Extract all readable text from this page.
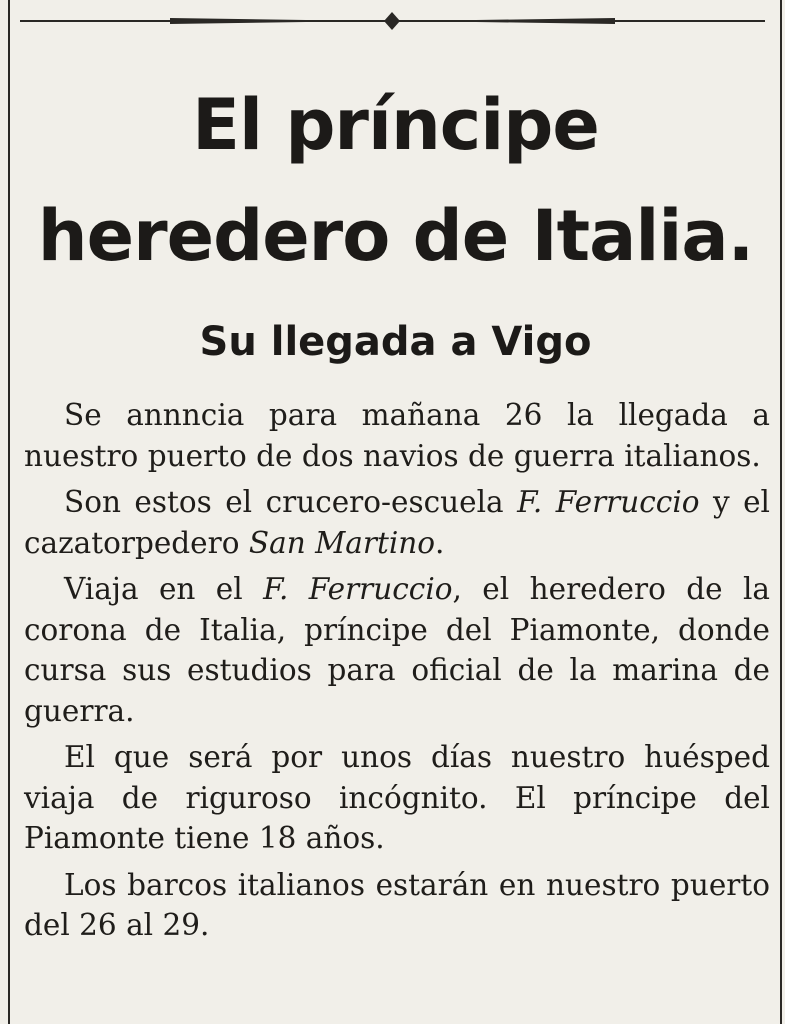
El príncipe heredero de Italia.
Su llegada a Vigo

Se annncia para mañana 26 la llegada a nuestro puerto de dos navios de guerra italianos.

Son estos el crucero-escuela F. Ferruccio y el cazatorpedero San Martino.

Viaja en el F. Ferruccio, el heredero de la corona de Italia, príncipe del Piamonte, donde cursa sus estudios para oficial de la marina de guerra.

El que será por unos días nuestro huésped viaja de riguroso incógnito. El príncipe del Piamonte tiene 18 años.

Los barcos italianos estarán en nuestro puerto del 26 al 29.
